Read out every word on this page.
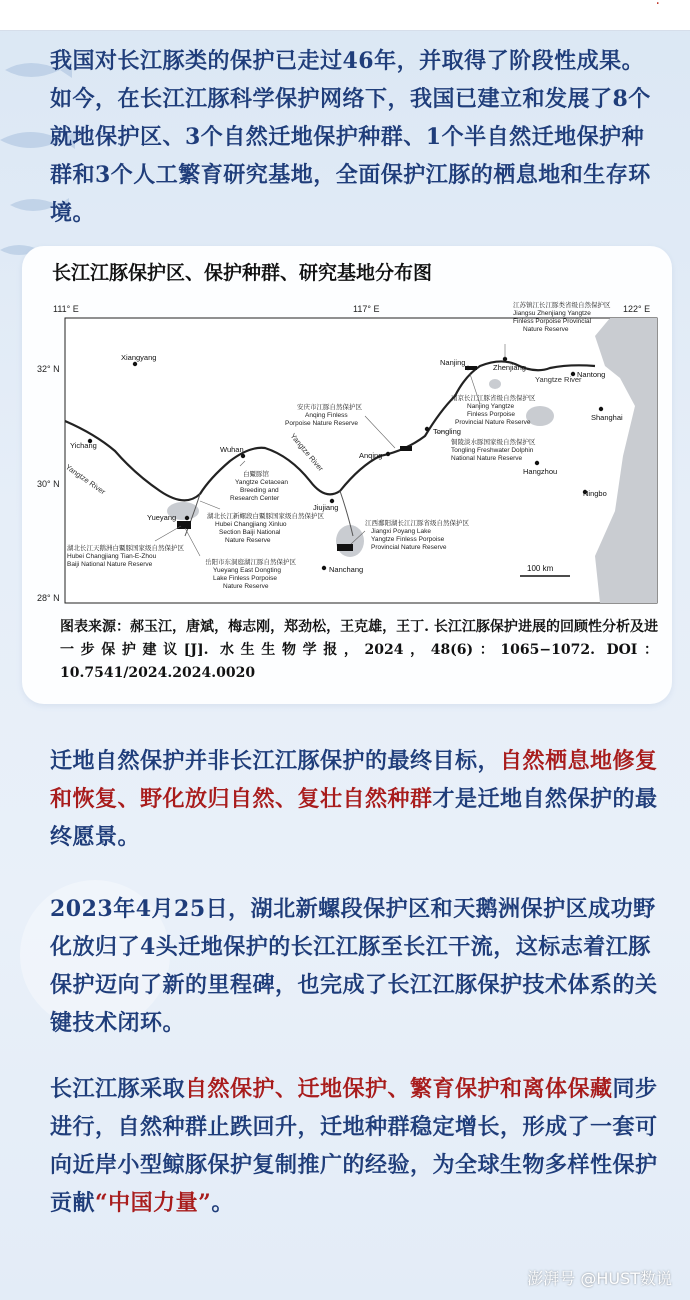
·

我国对长江豚类的保护已走过46年，并取得了阶段性成果。如今，在长江江豚科学保护网络下，我国已建立和发展了8个就地保护区、3个自然迁地保护种群、1个半自然迁地保护种群和3个人工繁育研究基地，全面保护江豚的栖息地和生存环境。

长江江豚保护区、保护种群、研究基地分布图
111° E	117° E	122° E
32° N
30° N
28° N
Xiangyang
Yichang	Wuhan
Yueyang
Jiujiang
Anqing
Tongling
Nanjing
Zhenjiang
Nantong
Shanghai
Hangzhou
Ningbo
Nanchang
Yangtze River
Yangtze River
Yangtze River
100 km
江苏镇江长江豚类省级自然保护区
Jiangsu Zhenjiang Yangtze
Finless Porpoise Provincial
Nature Reserve
南京长江江豚省级自然保护区
Nanjing Yangtze
Finless Porpoise
Provincial Nature Reserve
安庆市江豚自然保护区
Anqing Finless
Porpoise Nature Reserve
铜陵淡水豚国家级自然保护区
Tongling Freshwater Dolphin
National Nature Reserve
白鱀豚馆
Yangtze Cetacean
Breeding and
Research Center
湖北长江新螺段白鱀豚国家级自然保护区
Hubei Changjiang Xinluo
Section Baiji National
Nature Reserve
湖北长江天鹅洲白鱀豚国家级自然保护区
Hubei Changjiang Tian-E-Zhou
Baiji National Nature Reserve	岳阳市东洞庭湖江豚自然保护区
Yueyang East Dongting
Lake Finless Porpoise
Nature Reserve
江西鄱阳湖长江江豚省级自然保护区
Jiangxi Poyang Lake
Yangtze Finless Porpoise
Provincial Nature Reserve

图表来源：郝玉江，唐斌，梅志刚，郑劲松，王克雄，王丁. 长江江豚保护进展的回顾性分析及进一步保护建议[J]. 水生生物学报，2024，48(6)：1065−1072. DOI：10.7541/2024.2024.0020

迁地自然保护并非长江江豚保护的最终目标，自然栖息地修复和恢复、野化放归自然、复壮自然种群才是迁地自然保护的最终愿景。

2023年4月25日，湖北新螺段保护区和天鹅洲保护区成功野化放归了4头迁地保护的长江江豚至长江干流，这标志着江豚保护迈向了新的里程碑，也完成了长江江豚保护技术体系的关键技术闭环。

长江江豚采取自然保护、迁地保护、繁育保护和离体保藏同步进行，自然种群止跌回升，迁地种群稳定增长，形成了一套可向近岸小型鲸豚保护复制推广的经验，为全球生物多样性保护贡献“中国力量”。

澎湃号 @HUST数说
